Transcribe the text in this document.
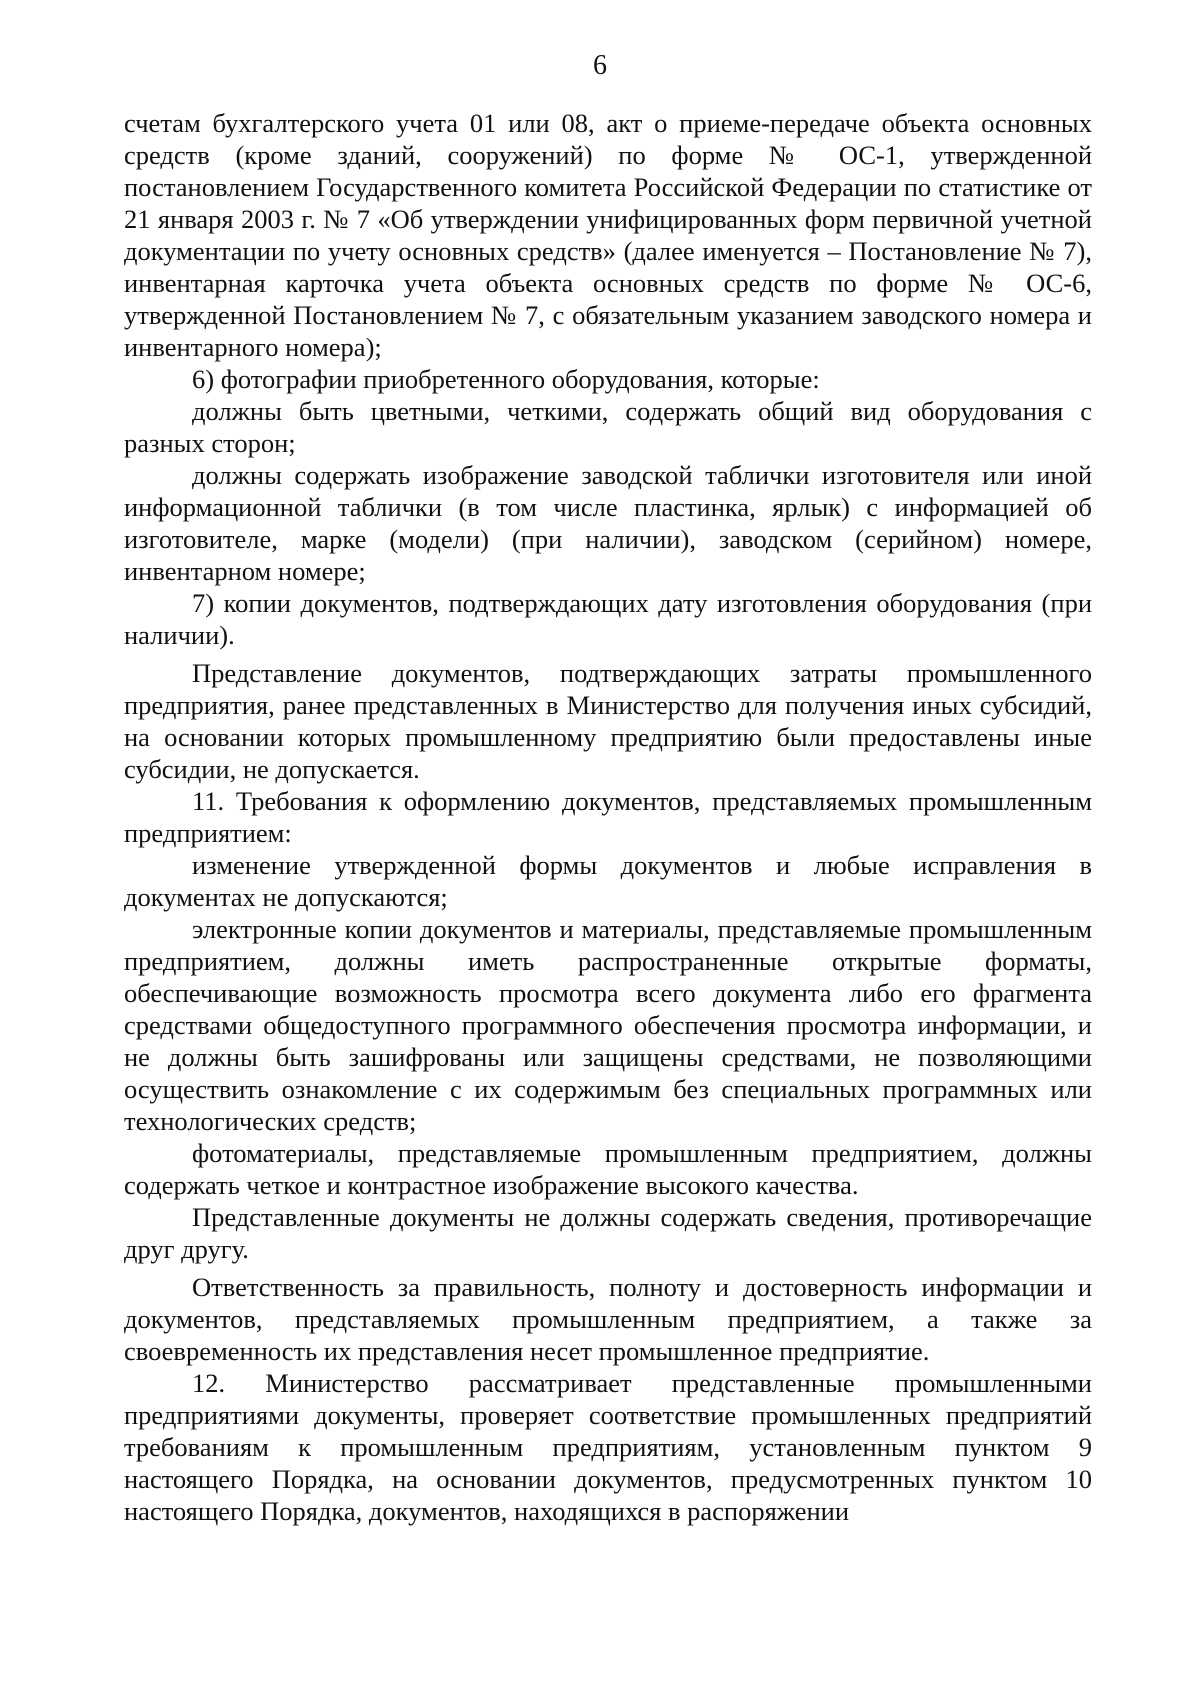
6

счетам бухгалтерского учета 01 или 08, акт о приеме-передаче объекта основных средств (кроме зданий, сооружений) по форме № ОС-1, утвержденной постановлением Государственного комитета Российской Федерации по статистике от 21 января 2003 г. № 7 «Об утверждении унифицированных форм первичной учетной документации по учету основных средств» (далее именуется – Постановление № 7), инвентарная карточка учета объекта основных средств по форме № ОС-6, утвержденной Постановлением № 7, с обязательным указанием заводского номера и инвентарного номера);

6) фотографии приобретенного оборудования, которые:

должны быть цветными, четкими, содержать общий вид оборудования с разных сторон;

должны содержать изображение заводской таблички изготовителя или иной информационной таблички (в том числе пластинка, ярлык) с информацией об изготовителе, марке (модели) (при наличии), заводском (серийном) номере, инвентарном номере;

7) копии документов, подтверждающих дату изготовления оборудования (при наличии).

Представление документов, подтверждающих затраты промышленного предприятия, ранее представленных в Министерство для получения иных субсидий, на основании которых промышленному предприятию были предоставлены иные субсидии, не допускается.

11. Требования к оформлению документов, представляемых промышленным предприятием:

изменение утвержденной формы документов и любые исправления в документах не допускаются;

электронные копии документов и материалы, представляемые промышленным предприятием, должны иметь распространенные открытые форматы, обеспечивающие возможность просмотра всего документа либо его фрагмента средствами общедоступного программного обеспечения просмотра информации, и не должны быть зашифрованы или защищены средствами, не позволяющими осуществить ознакомление с их содержимым без специальных программных или технологических средств;

фотоматериалы, представляемые промышленным предприятием, должны содержать четкое и контрастное изображение высокого качества.

Представленные документы не должны содержать сведения, противоречащие друг другу.

Ответственность за правильность, полноту и достоверность информации и документов, представляемых промышленным предприятием, а также за своевременность их представления несет промышленное предприятие.

12. Министерство рассматривает представленные промышленными предприятиями документы, проверяет соответствие промышленных предприятий требованиям к промышленным предприятиям, установленным пунктом 9 настоящего Порядка, на основании документов, предусмотренных пунктом 10 настоящего Порядка, документов, находящихся в распоряжении
